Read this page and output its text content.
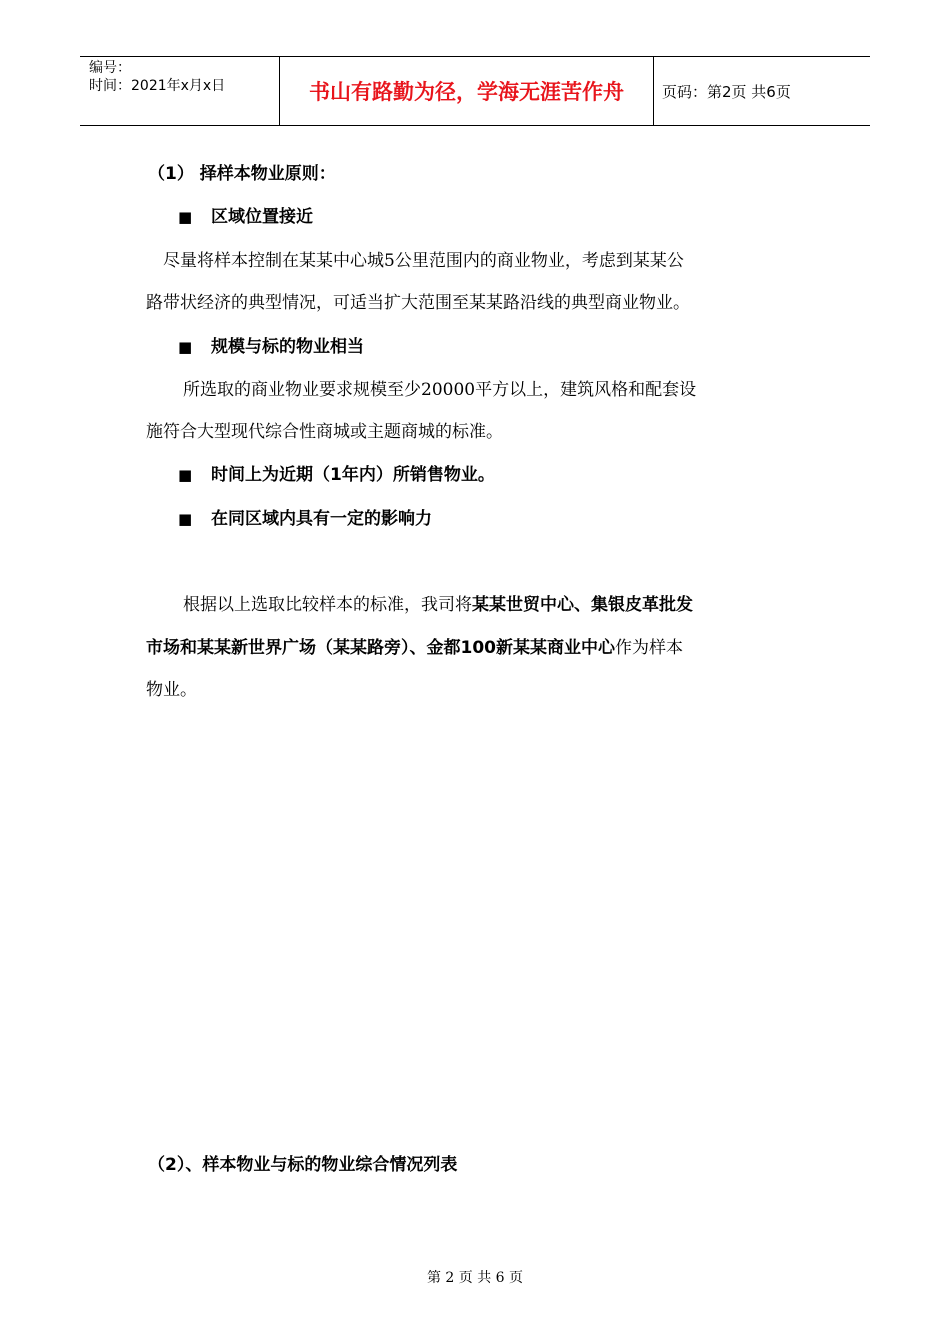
编号：
时间：2021年x月x日	书山有路勤为径，学海无涯苦作舟	页码：第2页 共6页
（1） 择样本物业原则：
■ 区域位置接近
尽量将样本控制在某某中心城5公里范围内的商业物业，考虑到某某公
路带状经济的典型情况，可适当扩大范围至某某路沿线的典型商业物业。
■ 规模与标的物业相当
所选取的商业物业要求规模至少20000平方以上，建筑风格和配套设
施符合大型现代综合性商城或主题商城的标准。
■ 时间上为近期（1年内）所销售物业。
■ 在同区域内具有一定的影响力
根据以上选取比较样本的标准，我司将某某世贸中心、集银皮革批发
市场和某某新世界广场（某某路旁）、金都100新某某商业中心作为样本
物业。
（2）、样本物业与标的物业综合情况列表
第 2 页 共 6 页
